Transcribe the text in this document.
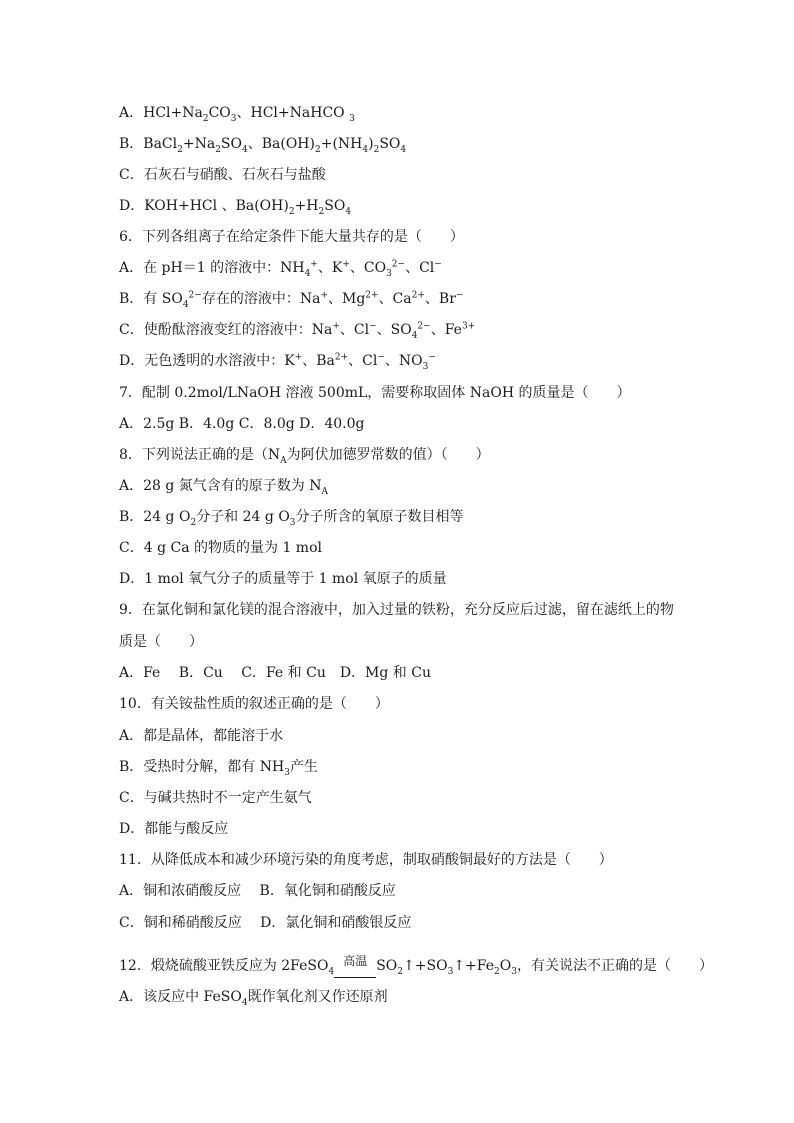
A．$HCl+Na_2CO_3$、HCl+NaHCO $_3$
B．$BaCl_2+Na_2SO_4$、$Ba(OH)_2+(NH_4)_2SO_4$
C．石灰石与硝酸、石灰石与盐酸
D．KOH+HCl 、$Ba(OH)_2+H_2SO_4$
6．下列各组离子在给定条件下能大量共存的是（　　）
A．在 pH＝1 的溶液中：$NH_4^+$、K+、$CO_3^{2-}$、Cl−
B．有 $SO_4^{2-}$存在的溶液中：Na+、$Mg^{2+}$、$Ca^{2+}$、Br−
C．使酚酞溶液变红的溶液中：Na+、Cl−、$SO_4^{2-}$、$Fe^{3+}$
D．无色透明的水溶液中：K+、$Ba^{2+}$、Cl−、$NO_3^-$
7．配制 0.2mol/LNaOH 溶液 500mL，需要称取固体 NaOH 的质量是（　　）
A．2.5g B．4.0g C．8.0g D．40.0g
8．下列说法正确的是（$N_A$为阿伏加德罗常数的值）（　　）
A．28 g 氮气含有的原子数为 $N_A$
B．24 g $O_2$分子和 24 g $O_3$分子所含的氧原子数目相等
C．4 g Ca 的物质的量为 1 mol
D．1 mol 氧气分子的质量等于 1 mol 氧原子的质量
9．在氯化铜和氯化镁的混合溶液中，加入过量的铁粉，充分反应后过滤，留在滤纸上的物
质是（　　）
A．Fe　 B．Cu　 C．Fe 和 Cu　D．Mg 和 Cu
10．有关铵盐性质的叙述正确的是（　　）
A．都是晶体，都能溶于水
B．受热时分解，都有 $NH_3$产生
C．与碱共热时不一定产生氨气
D．都能与酸反应
11．从降低成本和减少环境污染的角度考虑，制取硝酸铜最好的方法是（　　）
A．铜和浓硝酸反应　 B．氧化铜和硝酸反应
C．铜和稀硝酸反应　 D．氯化铜和硝酸银反应
12．煅烧硫酸亚铁反应为 2FeSO$_4$
高温 $SO_2↑+SO_3↑+Fe_2O_3$，有关说法不正确的是（　　）
A．该反应中 FeSO$_4$既作氧化剂又作还原剂
